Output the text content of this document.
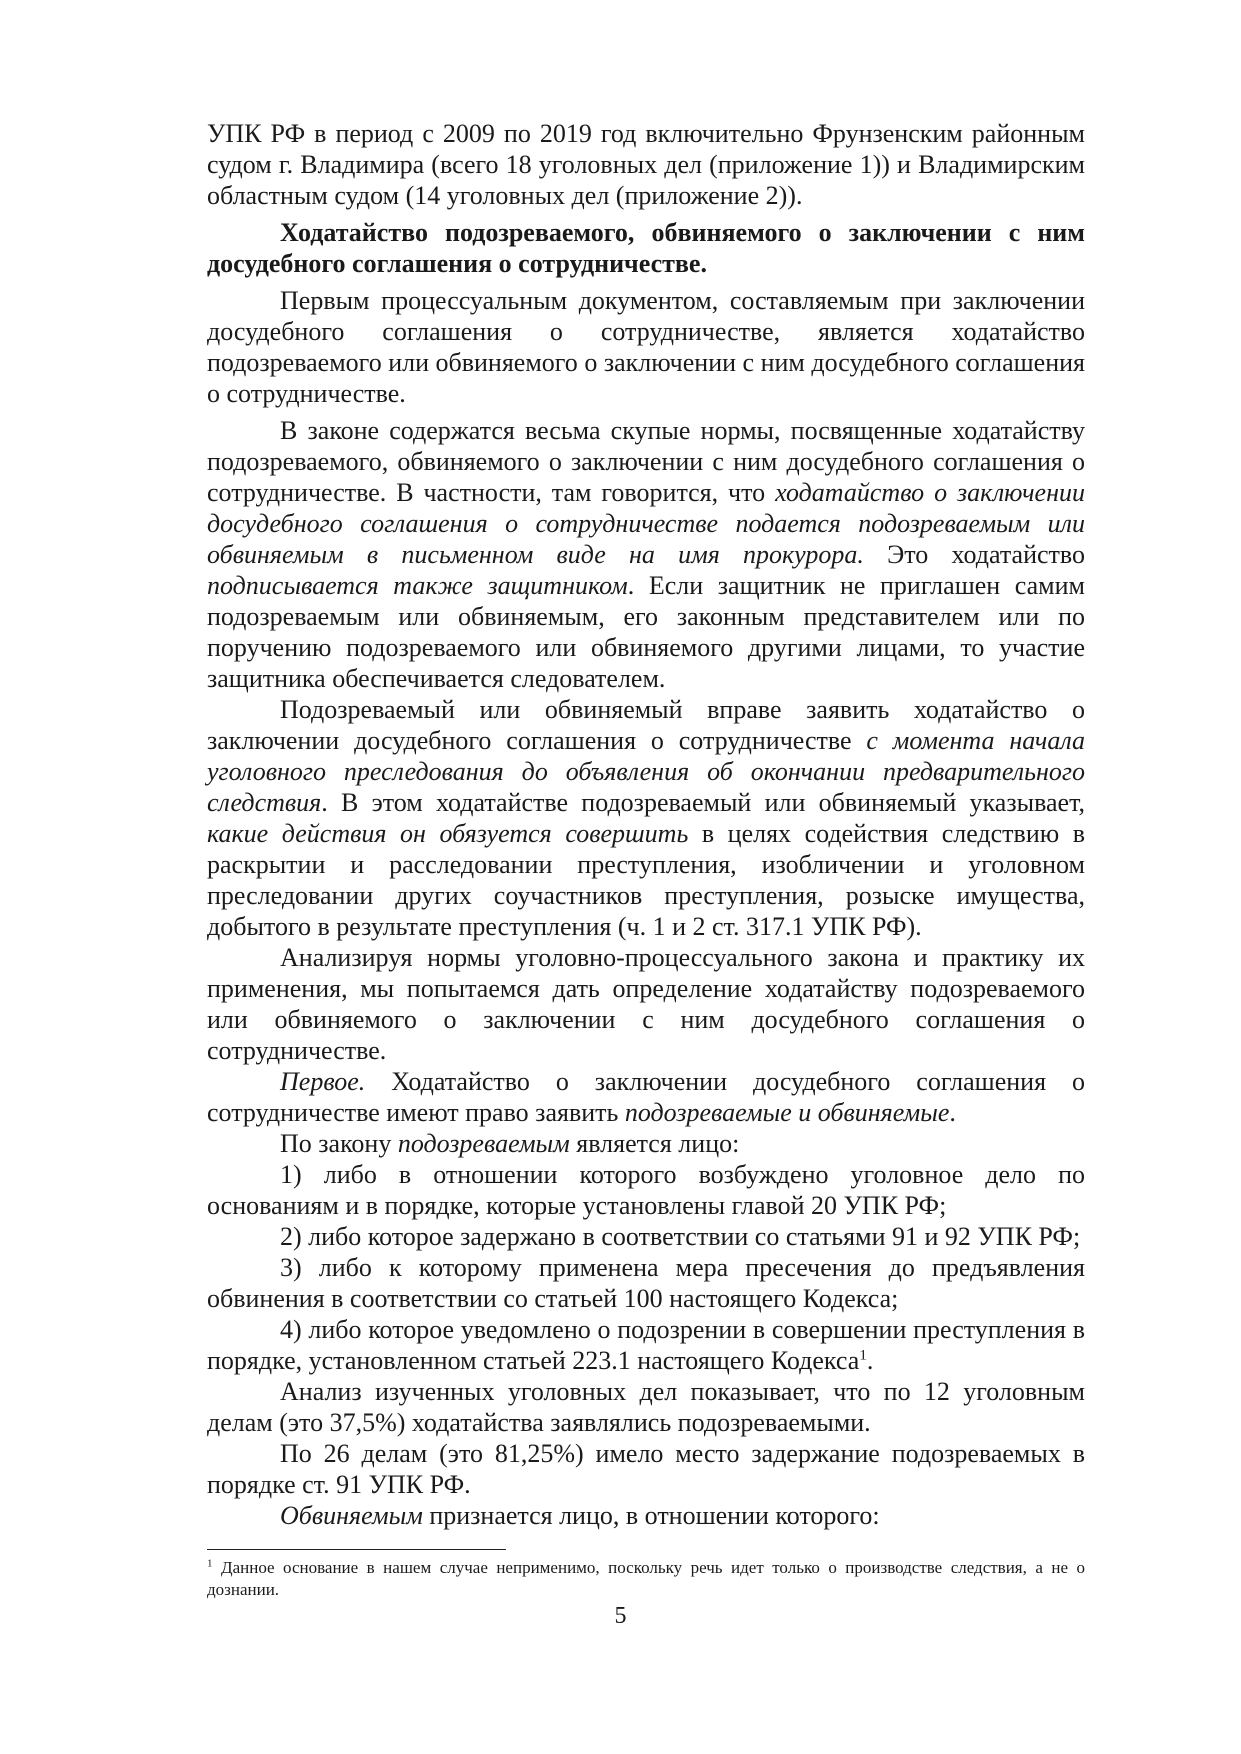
УПК РФ в период с 2009 по 2019 год включительно Фрунзенским районным судом г. Владимира (всего 18 уголовных дел (приложение 1)) и Владимирским областным судом (14 уголовных дел (приложение 2)).

Ходатайство подозреваемого, обвиняемого о заключении с ним досудебного соглашения о сотрудничестве.

Первым процессуальным документом, составляемым при заключении досудебного соглашения о сотрудничестве, является ходатайство подозреваемого или обвиняемого о заключении с ним досудебного соглашения о сотрудничестве.

В законе содержатся весьма скупые нормы, посвященные ходатайству подозреваемого, обвиняемого о заключении с ним досудебного соглашения о сотрудничестве. В частности, там говорится, что ходатайство о заключении досудебного соглашения о сотрудничестве подается подозреваемым или обвиняемым в письменном виде на имя прокурора. Это ходатайство подписывается также защитником. Если защитник не приглашен самим подозреваемым или обвиняемым, его законным представителем или по поручению подозреваемого или обвиняемого другими лицами, то участие защитника обеспечивается следователем.

Подозреваемый или обвиняемый вправе заявить ходатайство о заключении досудебного соглашения о сотрудничестве с момента начала уголовного преследования до объявления об окончании предварительного следствия. В этом ходатайстве подозреваемый или обвиняемый указывает, какие действия он обязуется совершить в целях содействия следствию в раскрытии и расследовании преступления, изобличении и уголовном преследовании других соучастников преступления, розыске имущества, добытого в результате преступления (ч. 1 и 2 ст. 317.1 УПК РФ).

Анализируя нормы уголовно-процессуального закона и практику их применения, мы попытаемся дать определение ходатайству подозреваемого или обвиняемого о заключении с ним досудебного соглашения о сотрудничестве.

Первое. Ходатайство о заключении досудебного соглашения о сотрудничестве имеют право заявить подозреваемые и обвиняемые.

По закону подозреваемым является лицо:

1) либо в отношении которого возбуждено уголовное дело по основаниям и в порядке, которые установлены главой 20 УПК РФ;

2) либо которое задержано в соответствии со статьями 91 и 92 УПК РФ;

3) либо к которому применена мера пресечения до предъявления обвинения в соответствии со статьей 100 настоящего Кодекса;

4) либо которое уведомлено о подозрении в совершении преступления в порядке, установленном статьей 223.1 настоящего Кодекса$^1$.

Анализ изученных уголовных дел показывает, что по 12 уголовным делам (это 37,5%) ходатайства заявлялись подозреваемыми.

По 26 делам (это 81,25%) имело место задержание подозреваемых в порядке ст. 91 УПК РФ.

Обвиняемым признается лицо, в отношении которого:

$^1$ Данное основание в нашем случае неприменимо, поскольку речь идет только о производстве следствия, а не о дознании.
5
